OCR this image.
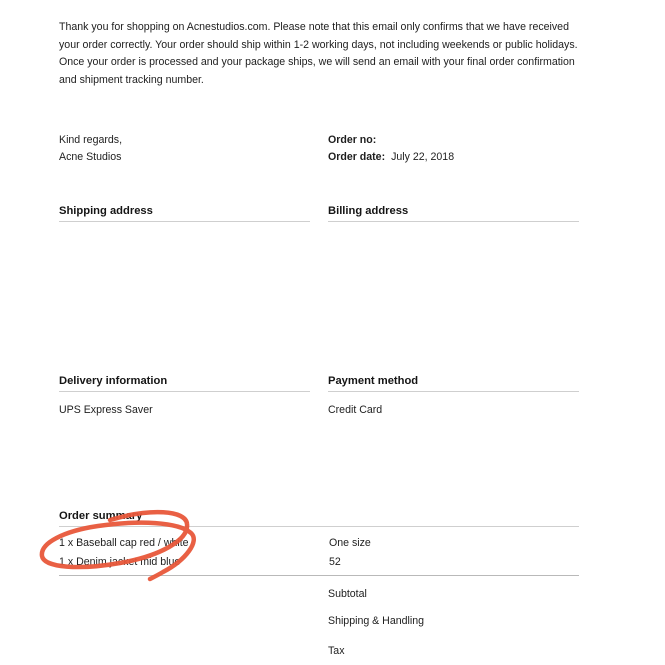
Thank you for shopping on Acnestudios.com. Please note that this email only confirms that we have received your order correctly. Your order should ship within 1-2 working days, not including weekends or public holidays. Once your order is processed and your package ships, we will send an email with your final order confirmation and shipment tracking number.
Kind regards,
Acne Studios
Order no:
Order date: July 22, 2018
Shipping address	Billing address
Delivery information
UPS Express Saver
Payment method
Credit Card
Order summary
1 x Baseball cap red / white	One size
1 x Denim jacket mid blue	52
Subtotal
Shipping & Handling
Tax
